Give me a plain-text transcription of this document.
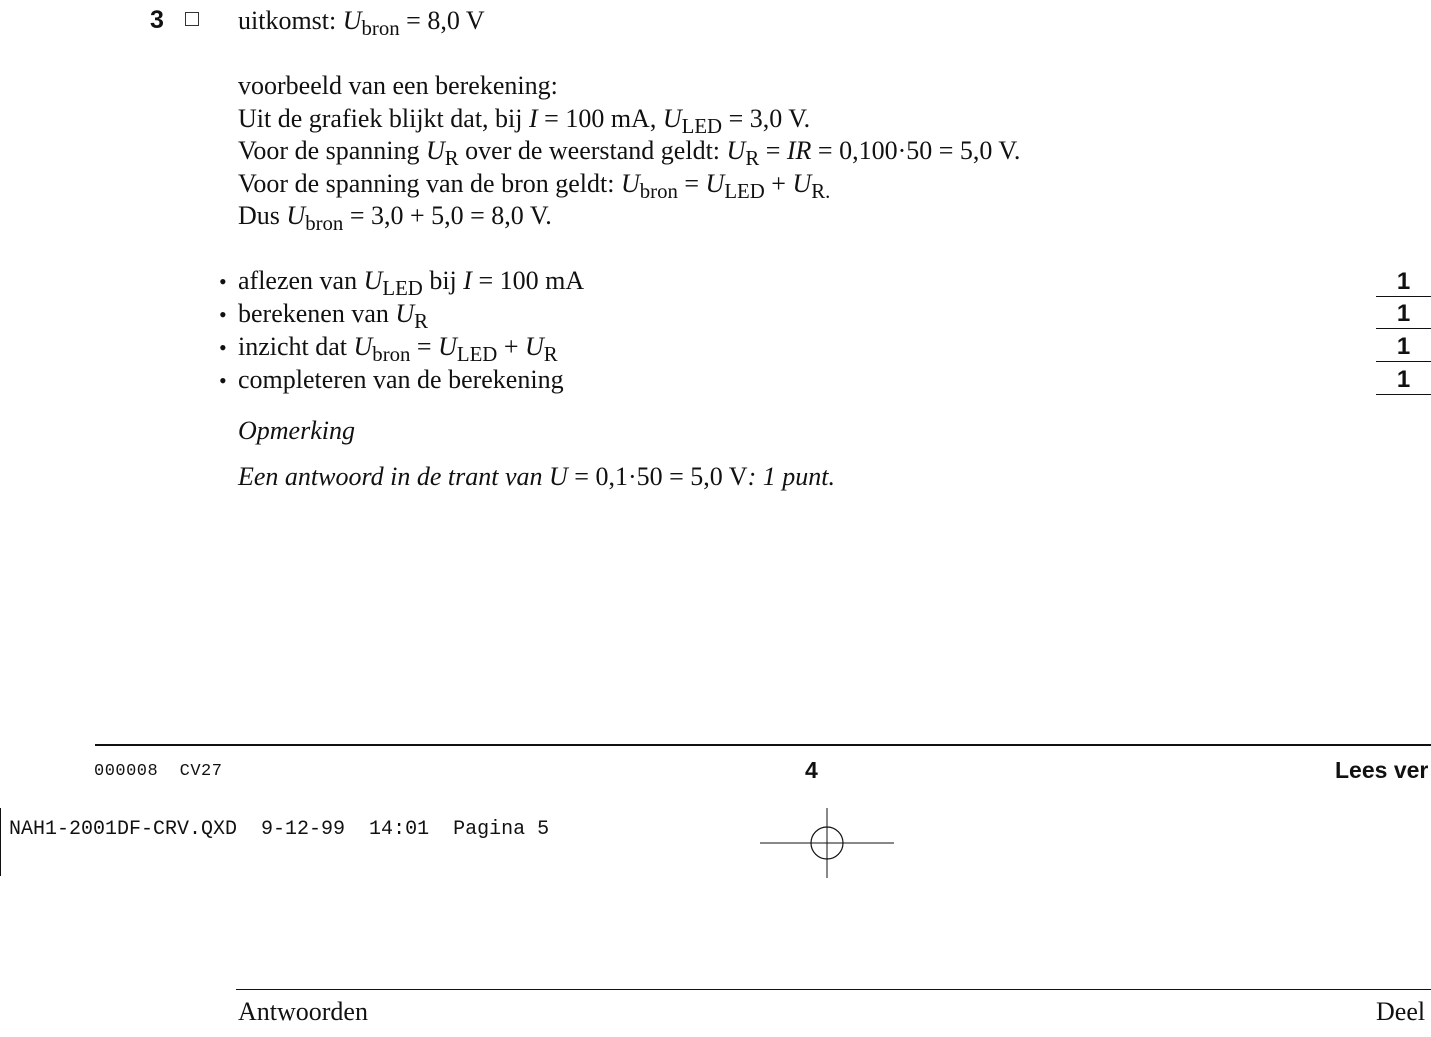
3	uitkomst: $U_{bron} = 8,0$ V
voorbeeld van een berekening:
Uit de grafiek blijkt dat, bij I = 100 mA, $U_{LED} = 3,0$ V.
Voor de spanning $U_R$ over de weerstand geldt: $U_R$ = IR = 0,100·50 = 5,0 V.
Voor de spanning van de bron geldt: $U_{bron} = U_{LED} + U_{R.}$
Dus $U_{bron} = 3,0 + 5,0 = 8,0$ V.
• aflezen van $U_{LED}$ bij I = 100 mA	1
• berekenen van $U_R$	1
• inzicht dat $U_{bron} = U_{LED} + U_R$	1
• completeren van de berekening	1
Opmerking
Een antwoord in de trant van U = 0,1·50 = 5,0 V: 1 punt.
000008  CV27	4	Lees ver
NAH1-2001DF-CRV.QXD  9-12-99  14:01  Pagina 5
Antwoorden	Deel
